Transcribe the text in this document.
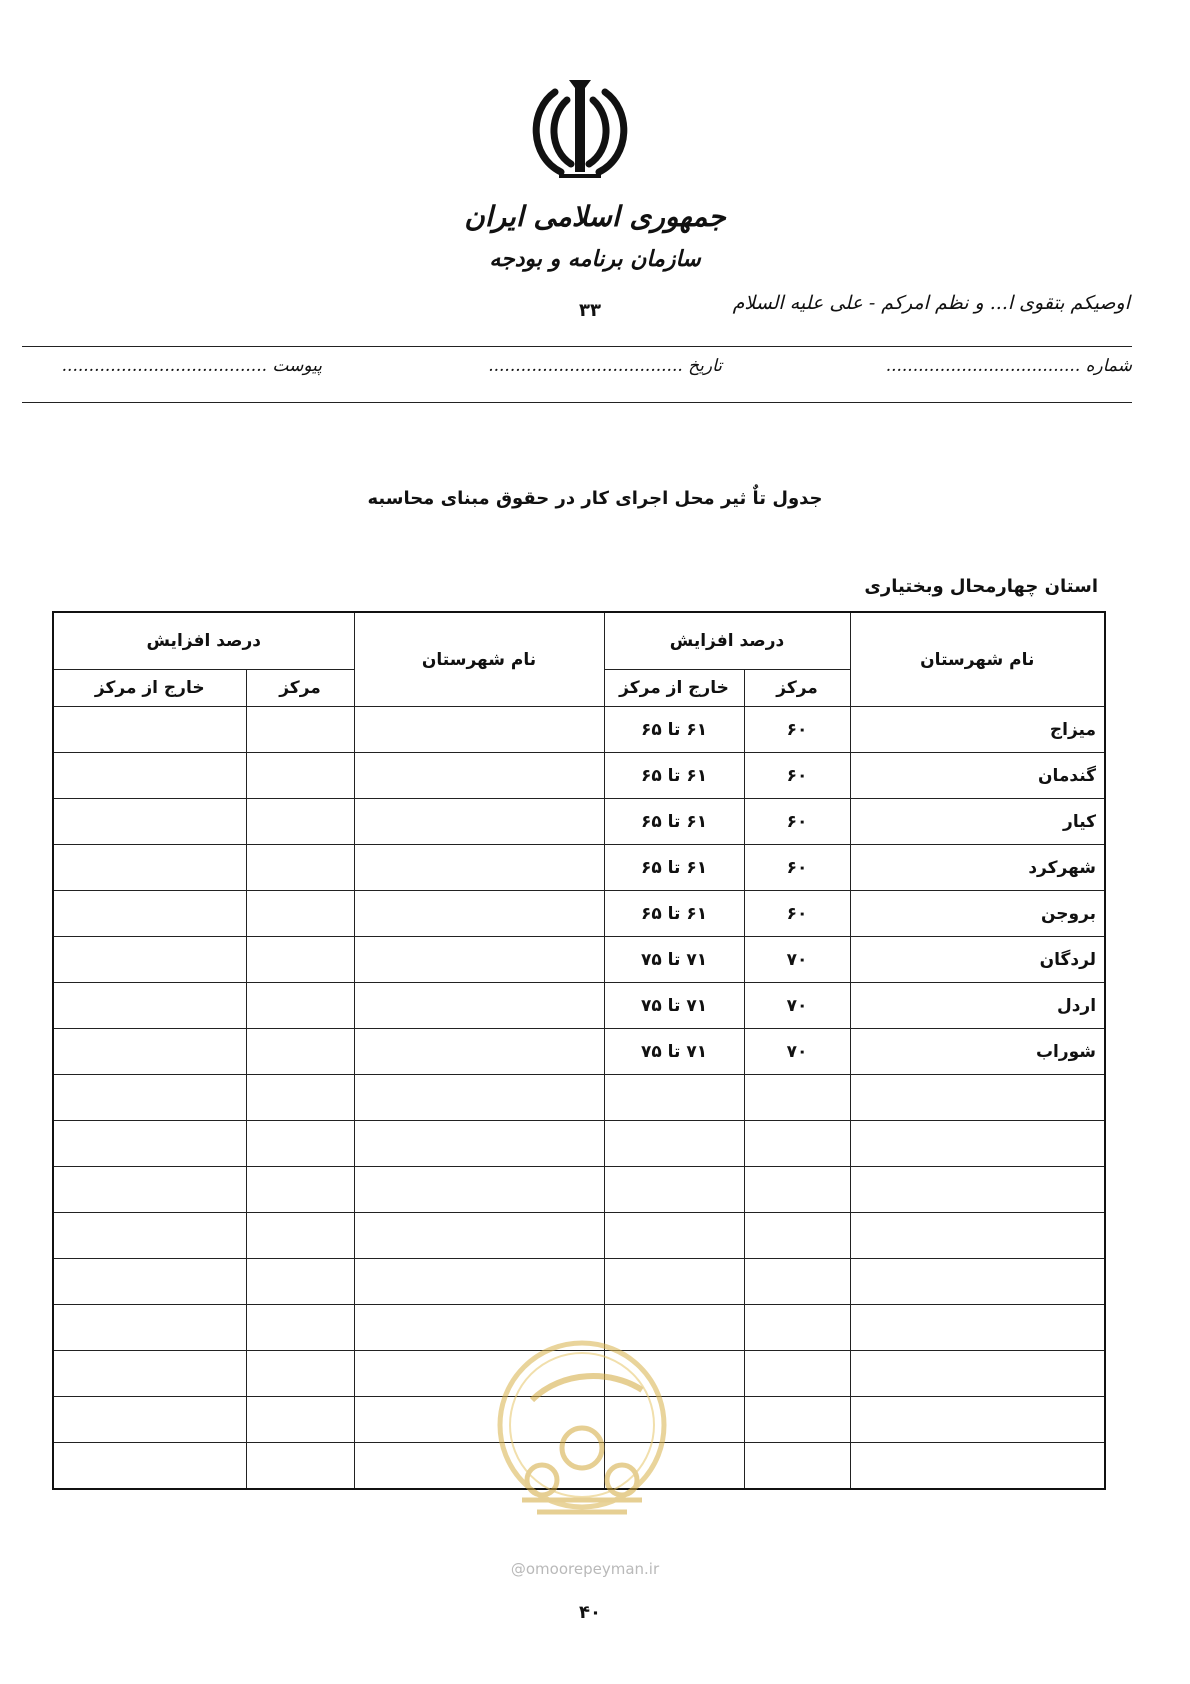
جمهوری اسلامی ایران
سازمان برنامه و بودجه
۳۳	اوصیکم بتقوی ا... و نظم امرکم - علی علیه السلام
شماره ....................................
تاریخ ....................................
پیوست ......................................
جدول تاٌ ثیر محل اجرای کار در حقوق مبنای محاسبه
استان چهارمحال وبختیاری
نام شهرستان	درصد افزایش		نام شهرستان	درصد افزایش	
	مرکز	خارج از مرکز		مرکز	خارج از مرکز
میزاج	۶۰	۶۱ تا ۶۵			
گندمان	۶۰	۶۱ تا ۶۵			
کیار	۶۰	۶۱ تا ۶۵			
شهرکرد	۶۰	۶۱ تا ۶۵			
بروجن	۶۰	۶۱ تا ۶۵			
لردگان	۷۰	۷۱ تا ۷۵			
اردل	۷۰	۷۱ تا ۷۵			
شوراب	۷۰	۷۱ تا ۷۵			

@omoorepeyman.ir
۴۰
